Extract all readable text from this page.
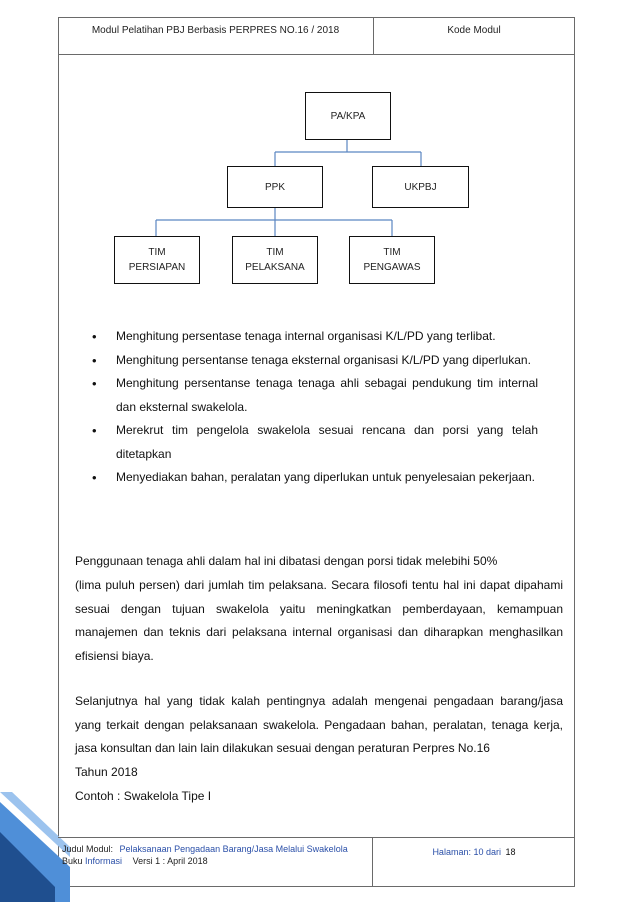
Modul Pelatihan PBJ Berbasis PERPRES NO.16 / 2018	Kode Modul
PA/KPA
PPK	UKPBJ
TIM
PERSIAPAN
TIM
PELAKSANA
TIM
PENGAWAS
• Menghitung persentase tenaga internal organisasi K/L/PD yang terlibat.
• Menghitung persentanse tenaga eksternal organisasi K/L/PD yang diperlukan.
• Menghitung persentanse tenaga tenaga ahli sebagai pendukung tim internal dan eksternal swakelola.
• Merekrut tim pengelola swakelola sesuai rencana dan porsi yang telah ditetapkan
• Menyediakan bahan, peralatan yang diperlukan untuk penyelesaian pekerjaan.

Penggunaan tenaga ahli dalam hal ini dibatasi dengan porsi tidak melebihi 50%

(lima puluh persen) dari jumlah tim pelaksana. Secara filosofi tentu hal ini dapat dipahami sesuai dengan tujuan swakelola yaitu meningkatkan pemberdayaan, kemampuan manajemen dan teknis dari pelaksana internal organisasi dan diharapkan menghasilkan efisiensi biaya.

Selanjutnya hal yang tidak kalah pentingnya adalah mengenai pengadaan barang/jasa yang terkait dengan pelaksanaan swakelola. Pengadaan bahan, peralatan, tenaga kerja, jasa konsultan dan lain lain dilakukan sesuai dengan peraturan Perpres No.16

Tahun 2018

Contoh : Swakelola Tipe I

Judul Modul: Pelaksanaan Pengadaan Barang/Jasa Melalui Swakelola
Buku Informasi Versi 1 : April 2018
Halaman: 10 dari 18
